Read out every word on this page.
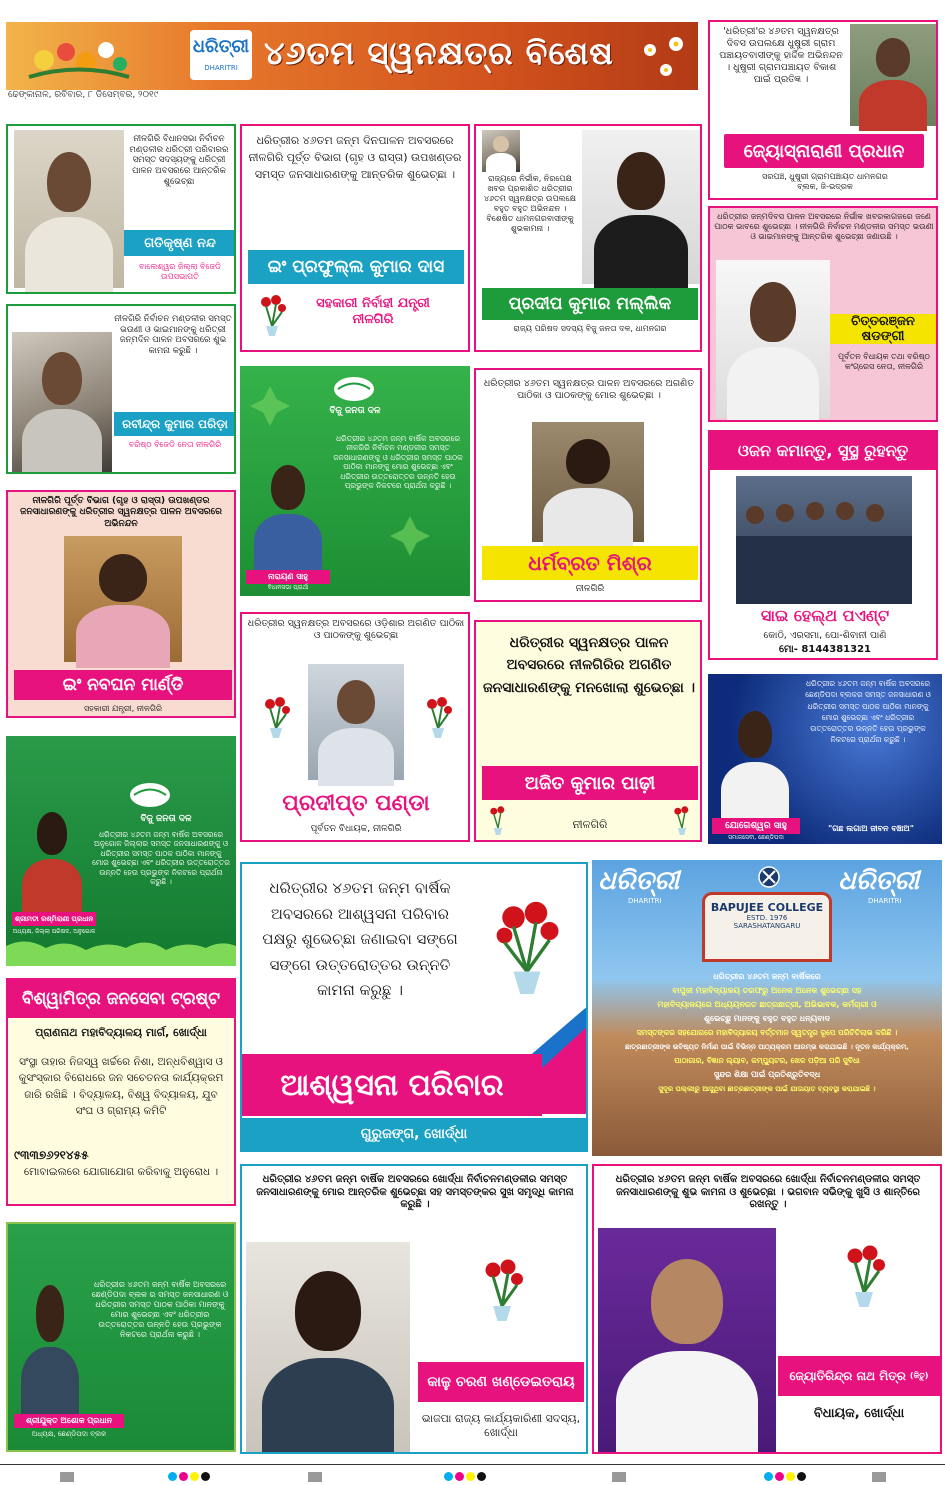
ଧରିତ୍ରୀ
DHARITRI ୪୬ତମ ସ୍ୱନକ୍ଷତ୍ର ବିଶେଷ
ଢେଙ୍କାନାଳ, ରବିବାର, ୮ ଡିସେମ୍ବର, ୨୦୧୯
'ଧରିତ୍ରୀ'ର ୪୬ତମ ସ୍ୱନକ୍ଷତ୍ର ଦିବସ ଉପଲକ୍ଷେ ଧୁଷୁରୀ ଗ୍ରାମ ପଞ୍ଚାୟତବାସୀଙ୍କୁ ହାର୍ଦ୍ଦିକ ଅଭିନନ୍ଦନ । ଧୁଷୁରୀ ଗ୍ରାମପଞ୍ଚାୟତ ବିକାଶ ପାଇଁ ପ୍ରତିଜ୍ଞ ।
ଜ୍ୟୋସ୍ନାରାଣୀ ପ୍ରଧାନ
ସରପଞ୍ଚ, ଧୁଷୁରୀ ଗ୍ରାମପଞ୍ଚାୟତ ଧାମନଗର ବ୍ଲକ, ଜି-ଭଦ୍ରକ
ନୀଳଗିରି ବିଧାନସଭା ନିର୍ବାଚନ ମଣ୍ଡଳୀର ଧରିତ୍ରୀ ପରିବାରର ସମସ୍ତ ସଦସ୍ୟଙ୍କୁ ଧରିତ୍ରୀ ପାଳନ ଅବସରରେ ଆନ୍ତରିକ ଶୁଭେଚ୍ଛା
ଗତିକୃଷ୍ଣ ନନ୍ଦ
ବାଲେଶ୍ୱର ଜିଲ୍ଲା ବିଜେଡି ଉପସଭାପତି
ନୀଳଗିରି ନିର୍ବାଚନ ମଣ୍ଡଳୀର ସମସ୍ତ ଭଉଣୀ ଓ ଭାଇମାନଙ୍କୁ ଧରିତ୍ରୀ ଜନ୍ମଦିନ ପାଳନ ଅବସରରେ ଶୁଭ କାମନା କରୁଛି ।
ରବୀନ୍ଦ୍ର କୁମାର ପରିଡ଼ା
ବରିଷ୍ଠ ବିଜେଡି ନେତା ନୀଳଗିରି
ନୀଳଗିରି ପୂର୍ତ୍ତ ବିଭାଗ (ଗୃହ ଓ ରାସ୍ତା) ଉପଖଣ୍ଡର ଜନସାଧାରଣଙ୍କୁ ଧରିତ୍ରୀର ସ୍ୱନକ୍ଷତ୍ର ପାଳନ ଅବସରରେ ଅଭିନନ୍ଦନ
ଇଂ ନବଘନ ମାର୍ଣ୍ଡି
ସହକାରୀ ଯନ୍ତ୍ରୀ, ନୀଳଗିରି
ବିଜୁ ଜନତା ଦଳ
ଧରିତ୍ରୀର ୪୬ତମ ଜନ୍ମ ବାର୍ଷିକ ଅବସରରେ ଅନୁଗୋଳ ଜିଲ୍ଲାର ସମସ୍ତ ଜନସାଧାରଣଙ୍କୁ ଓ ଧରିତ୍ରୀର ସମସ୍ତ ପାଠକ ପାଠିକା ମାନଙ୍କୁ ମୋର ଶୁଭେଚ୍ଛା ଏବଂ ଧରିତ୍ରୀର ଉତ୍ତରୋତ୍ତର ଉନ୍ନତି ହେଉ ପ୍ରଭୁଙ୍କ ନିକଟରେ ପ୍ରାର୍ଥନା କରୁଛି ।
ଶ୍ରୀମତୀ ରଶ୍ମିରାଣୀ ପ୍ରଧାନ
ଅଧ୍ୟକ୍ଷ, ଜିଲ୍ଲା ପରିଷଦ, ଅନୁଗୋଳ
ବିଶ୍ୱାମିତ୍ର ଜନସେବା ଟ୍ରଷ୍ଟ
ପ୍ରାଣନାଥ ମହାବିଦ୍ୟାଳୟ ମାର୍ଗ, ଖୋର୍ଦ୍ଧା
ସଂସ୍ଥା ତାହାର ନିଜସ୍ୱ ଖର୍ଚ୍ଚରେ ନିଶା, ଅନ୍ଧବିଶ୍ୱାସ ଓ କୁସଂସ୍କାର ବିରୋଧରେ ଜନ ସଚେତନତା କାର୍ଯ୍ୟକ୍ରମ ଜାରି ରଖିଛି । ବିଦ୍ୟାଳୟ, ବିଶ୍ୱ ବିଦ୍ୟାଳୟ, ଯୁବ ସଂଘ ଓ ଗ୍ରାମ୍ୟ କମିଟି
୯୩୩୭୬୨୧୪୫୫
ମୋବାଇଲରେ ଯୋଗାଯୋଗ କରିବାକୁ ଅନୁରୋଧ ।
ଧରିତ୍ରୀର ୪୬ତମ ଜନ୍ମ ବାର୍ଷିକ ଅବସରରେ ଛେଣ୍ଡିପଦା ବ୍ଲକ ର ସମସ୍ତ ଜନସାଧାରଣ ଓ ଧରିତ୍ରୀର ସମସ୍ତ ପାଠକ ପାଠିକା ମାନଙ୍କୁ ମୋର ଶୁଭେଚ୍ଛା ଏବଂ ଧରିତ୍ରୀର ଉତ୍ତରୋତ୍ତର ଉନ୍ନତି ହେଉ ପ୍ରଭୁଙ୍କ ନିକଟରେ ପ୍ରାର୍ଥନା କରୁଛି ।
ଶ୍ରୀଯୁକ୍ତ ଅଶୋକ ପ୍ରଧାନ
ଅଧ୍ୟକ୍ଷ, ଛେଣ୍ଡିପଦା ବ୍ଲକ
ଧରିତ୍ରୀର ୪୬ତମ ଜନ୍ମ ଦିନପାଳନ ଅବସରରେ ନୀଳଗିରି ପୂର୍ତ୍ତ ବିଭାଗ (ଗୃହ ଓ ରାସ୍ତା) ଉପଖଣ୍ଡର ସମସ୍ତ ଜନସାଧାରଣଙ୍କୁ ଆନ୍ତରିକ ଶୁଭେଚ୍ଛା ।
ଇଂ ପ୍ରଫୁଲ୍ଲ କୁମାର ଦାସ
ସହକାରୀ ନିର୍ବାହୀ ଯନ୍ତ୍ରୀ ନୀଳଗିରି
ବିଜୁ ଜନତା ଦଳ
ଧରିତ୍ରୀର ୪୬ତମ ଜନ୍ମ ବାର୍ଷିକ ଅବସରରେ ନୀଳଗିରି ନିର୍ବାଚନ ମଣ୍ଡଳୀର ସମସ୍ତ ଜନସାଧାରଣଙ୍କୁ ଓ ଧରିତ୍ରୀର ସମସ୍ତ ପାଠକ ପାଠିକା ମାନଙ୍କୁ ମୋର ଶୁଭେଚ୍ଛା ଏବଂ ଧରିତ୍ରୀର ଉତ୍ତରୋତ୍ତର ଉନ୍ନତି ହେଉ ପ୍ରଭୁଙ୍କ ନିକଟରେ ପ୍ରାର୍ଥନା କରୁଛି ।
ନାରାୟଣ ସାହୁ
ବିଧାନସଭା ପ୍ରାର୍ଥୀ
ଧରିତ୍ରୀର ସ୍ୱନକ୍ଷତ୍ର ଅବସରରେ ଓଡ଼ିଶାର ଅଗଣିତ ପାଠିକା ଓ ପାଠକଙ୍କୁ ଶୁଭେଚ୍ଛା
ପ୍ରଦୀପ୍ତ ପଣ୍ଡା
ପୂର୍ବତନ ବିଧାୟକ, ନୀଳଗିରି
ଧରିତ୍ରୀର ୪୬ତମ ଜନ୍ମ ବାର୍ଷିକ ଅବସରରେ ଆଶ୍ୱସନା ପରିବାର ପକ୍ଷରୁ ଶୁଭେଚ୍ଛା ଜଣାଇବା ସଙ୍ଗେ ସଙ୍ଗେ ଉତ୍ତରୋତ୍ତର ଉନ୍ନତି କାମନା କରୁଛୁ ।
ଆଶ୍ୱସନା ପରିବାର
ଗୁରୁଜଙ୍ଗ, ଖୋର୍ଦ୍ଧା
ଧରିତ୍ରୀର ୪୬ତମ ଜନ୍ମ ବାର୍ଷିକ ଅବସରରେ ଖୋର୍ଦ୍ଧା ନିର୍ବାଚନମଣ୍ଡଳୀର ସମସ୍ତ ଜନସାଧାରଣଙ୍କୁ ମୋର ଆନ୍ତରିକ ଶୁଭେଚ୍ଛା ସହ ସମସ୍ତଙ୍କର ସୁଖ ସମୃଦ୍ଧି କାମନା କରୁଛି ।
କାଳୁ ଚରଣ ଖଣ୍ଡେଇତରାୟ
ଭାଜପା ରାଜ୍ୟ କାର୍ଯ୍ୟକାରିଣୀ ସଦସ୍ୟ, ଖୋର୍ଦ୍ଧା
ରାଜ୍ୟରେ ନିର୍ଭୀକ, ନିରପେକ୍ଷ ଖବର ପ୍ରକାଶିତ ଧରିତ୍ରୀର ୪୬ତମ ସ୍ୱନକ୍ଷତ୍ର ଉପଲକ୍ଷେ ବହୁତ ବହୁତ ଅଭିନନ୍ଦନ । ବିଶେଷିତ ଧାମନଗରବାସୀଙ୍କୁ ଶୁଭକାମନା ।
ପ୍ରଦୀପ କୁମାର ମଲ୍ଲିକ
ରାଜ୍ୟ ପରିଷଦ ସଦସ୍ୟ ବିଜୁ ଜନତା ଦଳ, ଧାମନଗର
ଧରିତ୍ରୀର ୪୬ତମ ସ୍ୱନକ୍ଷତ୍ର ପାଳନ ଅବସରରେ ଅଗଣିତ ପାଠିକା ଓ ପାଠକଙ୍କୁ ମୋର ଶୁଭେଚ୍ଛା ।
ଧର୍ମବ୍ରତ ମିଶ୍ର
ନୀଳଗିରି
ଧରିତ୍ରୀର ସ୍ୱନକ୍ଷତ୍ର ପାଳନ ଅବସରରେ ନୀଳଗିରିର ଅଗଣିତ ଜନସାଧାରଣଙ୍କୁ ମନଖୋଲା ଶୁଭେଚ୍ଛା ।
ଅଜିତ କୁମାର ପାଢ଼ୀ
ନୀଳଗିରି
ଧରିତ୍ରୀର ଜନ୍ମଦିବସ ପାଳନ ଅବସରରେ ନିର୍ଭୀକ ଖବରକାଗଜରେ ଜଣେ ପାଠକ ଭାବରେ ଶୁଭେଚ୍ଛା । ନୀଳଗିରି ନିର୍ବାଚନ ମଣ୍ଡଳୀର ସମସ୍ତ ଭଉଣୀ ଓ ଭାଇମାନଙ୍କୁ ଆନ୍ତରିକ ଶୁଭେଚ୍ଛା ଜଣାଉଛି ।
ଚିତ୍ତରଞ୍ଜନ ଷଡଙ୍ଗୀ
ପୂର୍ବତନ ବିଧାୟକ ତଥା ବରିଷ୍ଠ କଂଗ୍ରେସ ନେତା, ନୀଳଗିରି
ଓଜନ କମାନ୍ତୁ, ସୁସ୍ଥ ରୁହନ୍ତୁ
ସାଇ ହେଲ୍‌ଥ ପଏଣ୍ଟ
କୋଠି, ଏରସମା, ପୋ-ଶିବାନୀ ପାଣି
ମୋ- 8144381321
ଧରିତ୍ରୀର ୪୬ତମ ଜନ୍ମ ବାର୍ଷିକ ଅବସରରେ ଛେଣ୍ଡିପଦା ବ୍ଲକର ସମସ୍ତ ଜନସାଧାରଣ ଓ ଧରିତ୍ରୀର ସମସ୍ତ ପାଠକ ପାଠିକା ମାନଙ୍କୁ ମୋର ଶୁଭେଚ୍ଛା ଏବଂ ଧରିତ୍ରୀର ଉତ୍ତରୋତ୍ତର ଉନ୍ନତି ହେଉ ପ୍ରଭୁଙ୍କ ନିକଟରେ ପ୍ରାର୍ଥନା କରୁଛି ।
ଯୋଗେଶ୍ୱର ସାହୁ
ସମାଜସେବୀ, ଛେଣ୍ଡିପଦା
"ଗଛ ଲଗାଅ ଜୀବନ ବଞ୍ଚାଅ"
ଧରିତ୍ରୀ
DHARITRI
ଧରିତ୍ରୀ
DHARITRI
BAPUJEE COLLEGE
ESTD. 1976
SARASHATANGARU
ଧରିତ୍ରୀର ୪୬ତମ ଜନ୍ମ ବାର୍ଷିକରେ
ବାପୁଜୀ ମହାବିଦ୍ୟାଳୟ ତରଫରୁ ଅନେକ ଅନେକ ଶୁଭେଚ୍ଛା ସହ
ମହାବିଦ୍ୟାଳୟରେ ଅଧ୍ୟୟନରତ ଛାତ୍ରଛାତ୍ରୀ, ଅଭିଭାବକ, କର୍ମଚାରୀ ଓ
ଶୁଭେଚ୍ଛୁ ମାନଙ୍କୁ ବହୁତ ବହୁତ ଧନ୍ୟବାଦ
ସମସ୍ତଙ୍କର ସହଯୋଗରେ ମହାବିଦ୍ୟାଳୟ ବର୍ତ୍ତମାନ ସ୍ୱତନ୍ତ୍ର ରୂପେ ପରିଚିତିଲାଭ କରିଛି ।
ଛାତ୍ରଛାତ୍ରୀଙ୍କ ଭବିଷ୍ୟତ ନିର୍ମାଣ ପାଇଁ ବିଭିନ୍ନ ପାଠ୍ୟକ୍ରମ ଆରମ୍ଭ କରାଯାଇଛି । ନୂତନ କାର୍ଯ୍ୟକ୍ରମ,
ପାଠାଗାର, ବିଜ୍ଞାନ ଲ୍ୟାବ, କମ୍ପ୍ୟୁଟର, ଖେଳ ପଡ଼ିଆ ପରି ସୁବିଧା
ସୁନ୍ଦର ଶିକ୍ଷା ପାଇଁ ପ୍ରତିଶ୍ରୁତିବଦ୍ଧ
ସୁଦୂର ପଲ୍ଲୀରୁ ଆସୁଥିବା ଛାତ୍ରଛାତ୍ରୀଙ୍କ ପାଇଁ ଯାତାୟାତ ବ୍ୟବସ୍ଥା କରାଯାଇଛି ।
ଧରିତ୍ରୀର ୪୬ତମ ଜନ୍ମ ବାର୍ଷିକ ଅବସରରେ ଖୋର୍ଦ୍ଧା ନିର୍ବାଚନମଣ୍ଡଳୀର ସମସ୍ତ ଜନସାଧାରଣଙ୍କୁ ଶୁଭ କାମନା ଓ ଶୁଭେଚ୍ଛା । ଭଗବାନ ସଭିଙ୍କୁ ଖୁସି ଓ ଶାନ୍ତିରେ ରଖନ୍ତୁ ।
ଜ୍ୟୋତିରିନ୍ଦ୍ର ନାଥ ମିତ୍ର (ଜିତୁ)
ବିଧାୟକ, ଖୋର୍ଦ୍ଧା
